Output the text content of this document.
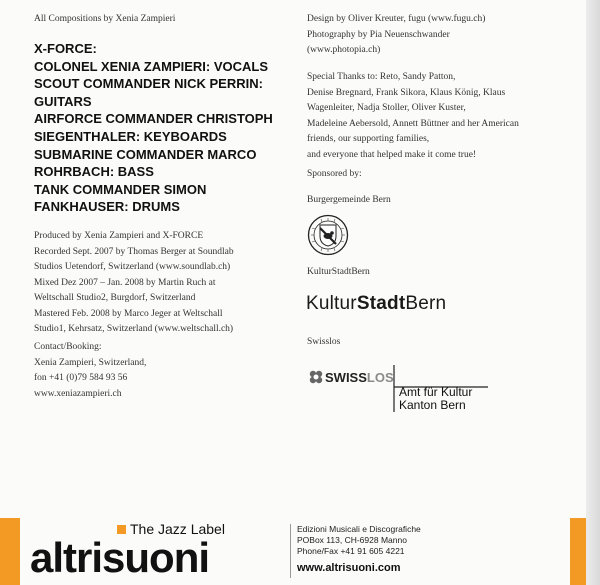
All Compositions by Xenia Zampieri
X-FORCE:
COLONEL XENIA ZAMPIERI: VOCALS
SCOUT COMMANDER NICK PERRIN:
GUITARS
AIRFORCE COMMANDER CHRISTOPH
SIEGENTHALER: KEYBOARDS
SUBMARINE COMMANDER MARCO
ROHRBACH: BASS
TANK COMMANDER SIMON
FANKHAUSER: DRUMS
Produced by Xenia Zampieri and X-FORCE
Recorded Sept. 2007 by Thomas Berger at Soundlab
Studios Uetendorf, Switzerland (www.soundlab.ch)
Mixed Dez 2007 – Jan. 2008 by Martin Ruch at
Weltschall Studio2, Burgdorf, Switzerland
Mastered Feb. 2008 by Marco Jeger at Weltschall
Studio1, Kehrsatz, Switzerland (www.weltschall.ch)
Contact/Booking:
Xenia Zampieri, Switzerland,
fon +41 (0)79 584 93 56
www.xeniazampieri.ch
Design by Oliver Kreuter, fugu (www.fugu.ch)
Photography by Pia Neuenschwander
(www.photopia.ch)
Special Thanks to: Reto, Sandy Patton,
Denise Bregnard, Frank Sikora, Klaus König, Klaus
Wagenleiter, Nadja Stoller, Oliver Kuster,
Madeleine Aebersold, Annett Büttner and her American
friends, our supporting families,
and everyone that helped make it come true!
Sponsored by:
Burgergemeinde Bern
KulturStadtBern
KulturStadtBern
Swisslos
SWISSLOS
Amt für Kultur
Kanton Bern
The Jazz Label
altrisuoni
Edizioni Musicali e Discografiche
POBox 113, CH-6928 Manno
Phone/Fax +41 91 605 4221
www.altrisuoni.com
